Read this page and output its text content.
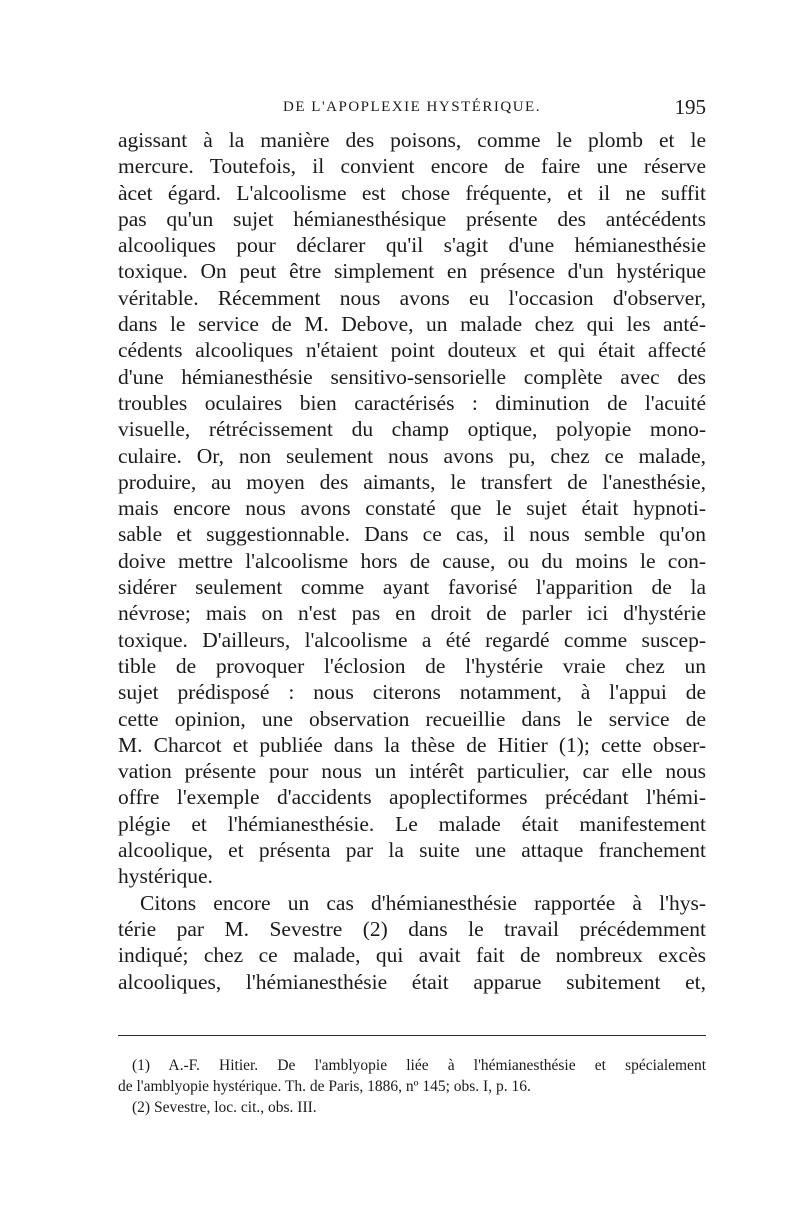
DE L'APOPLEXIE HYSTÉRIQUE.	195
agissant à la manière des poisons, comme le plomb et le
mercure. Toutefois, il convient encore de faire une réserve
àcet égard. L'alcoolisme est chose fréquente, et il ne suffit
pas qu'un sujet hémianesthésique présente des antécédents
alcooliques pour déclarer qu'il s'agit d'une hémianesthésie
toxique. On peut être simplement en présence d'un hystérique
véritable. Récemment nous avons eu l'occasion d'observer,
dans le service de M. Debove, un malade chez qui les anté-
cédents alcooliques n'étaient point douteux et qui était affecté
d'une hémianesthésie sensitivo-sensorielle complète avec des
troubles oculaires bien caractérisés : diminution de l'acuité
visuelle, rétrécissement du champ optique, polyopie mono-
culaire. Or, non seulement nous avons pu, chez ce malade,
produire, au moyen des aimants, le transfert de l'anesthésie,
mais encore nous avons constaté que le sujet était hypnoti-
sable et suggestionnable. Dans ce cas, il nous semble qu'on
doive mettre l'alcoolisme hors de cause, ou du moins le con-
sidérer seulement comme ayant favorisé l'apparition de la
névrose; mais on n'est pas en droit de parler ici d'hystérie
toxique. D'ailleurs, l'alcoolisme a été regardé comme suscep-
tible de provoquer l'éclosion de l'hystérie vraie chez un
sujet prédisposé : nous citerons notamment, à l'appui de
cette opinion, une observation recueillie dans le service de
M. Charcot et publiée dans la thèse de Hitier (1); cette obser-
vation présente pour nous un intérêt particulier, car elle nous
offre l'exemple d'accidents apoplectiformes précédant l'hémi-
plégie et l'hémianesthésie. Le malade était manifestement
alcoolique, et présenta par la suite une attaque franchement
hystérique.
Citons encore un cas d'hémianesthésie rapportée à l'hys-
térie par M. Sevestre (2) dans le travail précédemment
indiqué; chez ce malade, qui avait fait de nombreux excès
alcooliques, l'hémianesthésie était apparue subitement et,
(1) A.-F. Hitier. De l'amblyopie liée à l'hémianesthésie et spécialement
de l'amblyopie hystérique. Th. de Paris, 1886, nº 145; obs. I, p. 16.
(2) Sevestre, loc. cit., obs. III.
